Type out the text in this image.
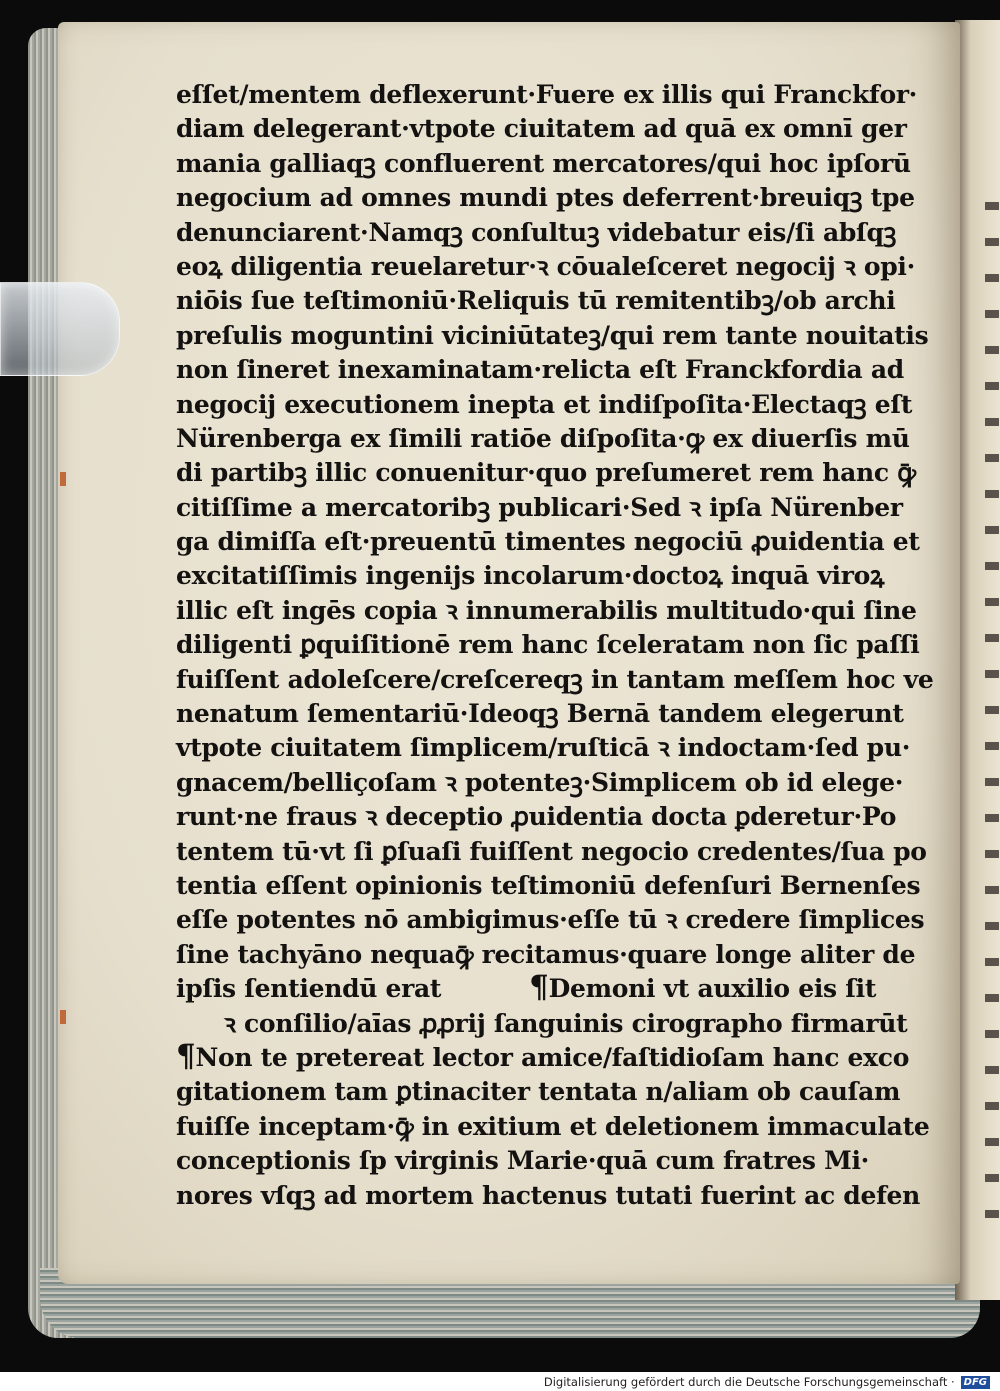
eſſet/mentem deflexerunt·Fuere ex illis qui Franckfor·
diam delegerant·vtpote ciuitatem ad quā ex omnī ger
mania galliaqꝫ confluerent mercatores/qui hoc ipſorū
negocium ad omnes mundi ptes deferrent·breuiqꝫ tpe
denunciarent·Namqꝫ conſultuꝫ videbatur eis/ſi abſqꝫ
eoꝝ diligentia reuelaretur·ꝛ cōualeſceret negocij ꝛ opi·
niōis ſue teſtimoniū·Reliquis tū remitentibꝫ/ob archi
preſulis moguntini viciniūtateꝫ/qui rem tante nouitatis
non ſineret inexaminatam·relicta eſt Franckfordia ad
negocij executionem inepta et indiſpoſita·Electaqꝫ eſt
Nürenberga ex ſimili ratiōe diſpoſita·ꝙ ex diuerſis mū
di partibꝫ illic conuenitur·quo preſumeret rem hanc ꝙ̄
citiſſime a mercatoribꝫ publicari·Sed ꝛ ipſa Nürenber
ga dimiſſa eſt·preuentū timentes negociū ꝓuidentia et
excitatiſſimis ingenijs incolarum·doctoꝝ inquā viroꝝ
illic eſt ingēs copia ꝛ innumerabilis multitudo·qui ſine
diligenti ꝑquiſitionē rem hanc ſceleratam non ſic paſſi
fuiſſent adoleſcere/creſcereqꝫ in tantam meſſem hoc ve
nenatum ſementariū·Ideoqꝫ Bernā tandem elegerunt
vtpote ciuitatem ſimplicem/ruſticā ꝛ indoctam·ſed pu·
gnacem/belliçoſam ꝛ potenteꝫ·Simplicem ob id elege·
runt·ne fraus ꝛ deceptio ꝓuidentia docta ꝑderetur·Po
tentem tū·vt ſi ꝑſuaſi fuiſſent negocio credentes/ſua po
tentia eſſent opinionis teſtimoniū defenſuri Bernenſes
eſſe potentes nō ambigimus·eſſe tū ꝛ credere ſimplices
ſine tachyāno nequaꝙ̄ recitamus·quare longe aliter de
ipſis ſentiendū erat	¶Demoni vt auxilio eis ſit
ꝛ conſilio/aīas ꝓꝓrij ſanguinis cirographo firmarūt
¶Non te pretereat lector amice/faſtidioſam hanc exco
gitationem tam ꝑtinaciter tentata n/aliam ob cauſam
fuiſſe inceptam·ꝙ̄ in exitium et deletionem immaculate
conceptionis ſp virginis Marie·quā cum fratres Mi·
nores vſqꝫ ad mortem hactenus tutati fuerint ac defen
Digitalisierung gefördert durch die Deutsche Forschungsgemeinschaft · DFG
